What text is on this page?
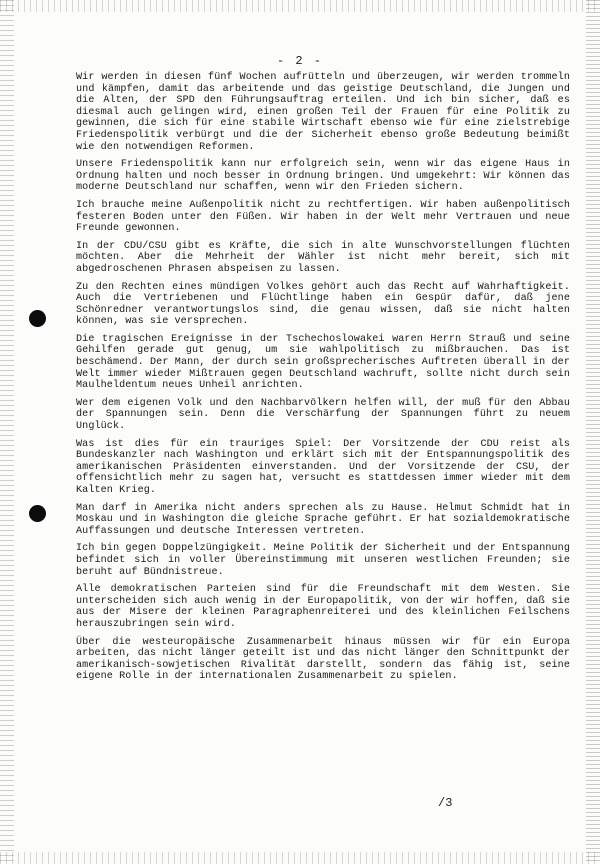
- 2 -

Wir werden in diesen fünf Wochen aufrütteln und überzeugen, wir werden trommeln und kämpfen, damit das arbeitende und das geistige Deutschland, die Jungen und die Alten, der SPD den Führungsauftrag erteilen. Und ich bin sicher, daß es diesmal auch gelingen wird, einen großen Teil der Frauen für eine Politik zu gewinnen, die sich für eine stabile Wirtschaft ebenso wie für eine zielstrebige Friedenspolitik verbürgt und die der Sicherheit ebenso große Bedeutung beimißt wie den notwendigen Reformen.

Unsere Friedenspolitik kann nur erfolgreich sein, wenn wir das eigene Haus in Ordnung halten und noch besser in Ordnung bringen. Und umgekehrt: Wir können das moderne Deutschland nur schaffen, wenn wir den Frieden sichern.

Ich brauche meine Außenpolitik nicht zu rechtfertigen. Wir haben außenpolitisch festeren Boden unter den Füßen. Wir haben in der Welt mehr Vertrauen und neue Freunde gewonnen.

In der CDU/CSU gibt es Kräfte, die sich in alte Wunschvorstellungen flüchten möchten. Aber die Mehrheit der Wähler ist nicht mehr bereit, sich mit abgedroschenen Phrasen abspeisen zu lassen.

Zu den Rechten eines mündigen Volkes gehört auch das Recht auf Wahrhaftigkeit. Auch die Vertriebenen und Flüchtlinge haben ein Gespür dafür, daß jene Schönredner verantwortungslos sind, die genau wissen, daß sie nicht halten können, was sie versprechen.

Die tragischen Ereignisse in der Tschechoslowakei waren Herrn Strauß und seine Gehilfen gerade gut genug, um sie wahlpolitisch zu mißbrauchen. Das ist beschämend. Der Mann, der durch sein großsprecherisches Auftreten überall in der Welt immer wieder Mißtrauen gegen Deutschland wachruft, sollte nicht durch sein Maulheldentum neues Unheil anrichten.

Wer dem eigenen Volk und den Nachbarvölkern helfen will, der muß für den Abbau der Spannungen sein. Denn die Verschärfung der Spannungen führt zu neuem Unglück.

Was ist dies für ein trauriges Spiel: Der Vorsitzende der CDU reist als Bundeskanzler nach Washington und erklärt sich mit der Entspannungspolitik des amerikanischen Präsidenten einverstanden. Und der Vorsitzende der CSU, der offensichtlich mehr zu sagen hat, versucht es stattdessen immer wieder mit dem Kalten Krieg.

Man darf in Amerika nicht anders sprechen als zu Hause. Helmut Schmidt hat in Moskau und in Washington die gleiche Sprache geführt. Er hat sozialdemokratische Auffassungen und deutsche Interessen vertreten.

Ich bin gegen Doppelzüngigkeit. Meine Politik der Sicherheit und der Entspannung befindet sich in voller Übereinstimmung mit unseren westlichen Freunden; sie beruht auf Bündnistreue.

Alle demokratischen Parteien sind für die Freundschaft mit dem Westen. Sie unterscheiden sich auch wenig in der Europapolitik, von der wir hoffen, daß sie aus der Misere der kleinen Paragraphenreiterei und des kleinlichen Feilschens herauszubringen sein wird.

Über die westeuropäische Zusammenarbeit hinaus müssen wir für ein Europa arbeiten, das nicht länger geteilt ist und das nicht länger den Schnittpunkt der amerikanisch-sowjetischen Rivalität darstellt, sondern das fähig ist, seine eigene Rolle in der internationalen Zusammenarbeit zu spielen.

/3
